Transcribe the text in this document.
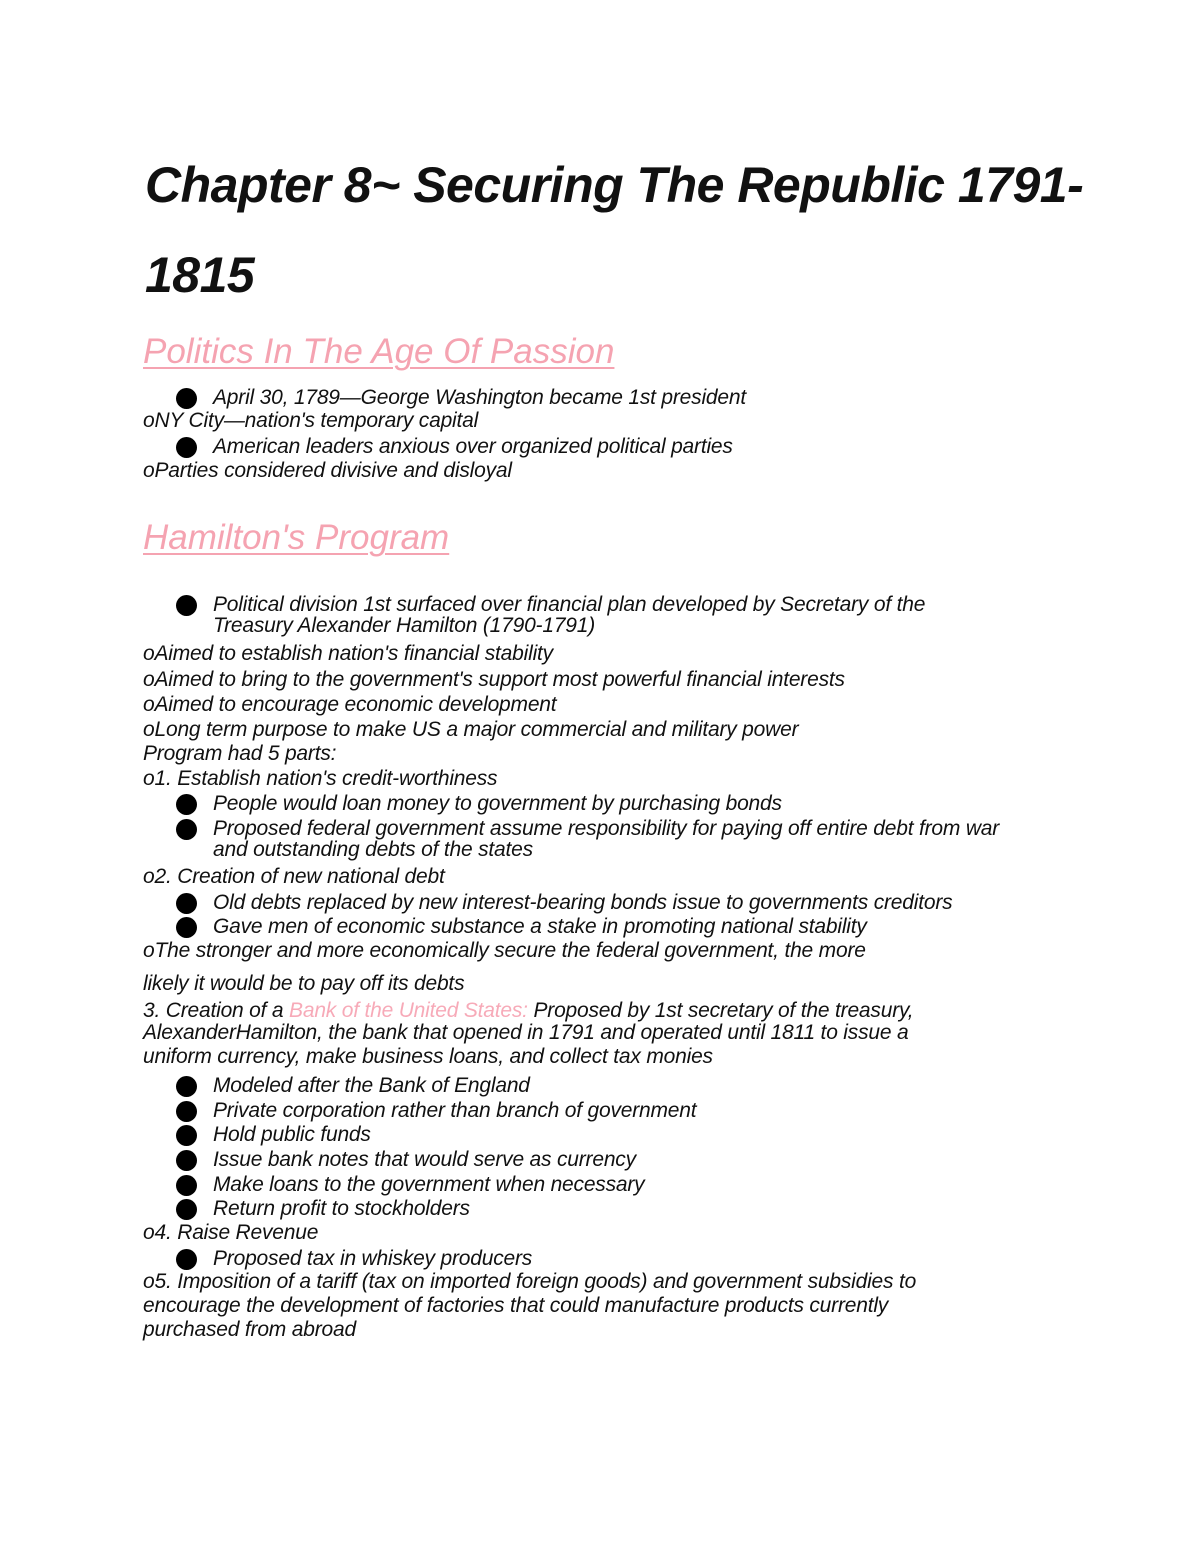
Chapter 8~ Securing The Republic 1791-
1815
Politics In The Age Of Passion
April 30, 1789—George Washington became 1st president
oNY City—nation's temporary capital
American leaders anxious over organized political parties
oParties considered divisive and disloyal
Hamilton's Program
Political division 1st surfaced over financial plan developed by Secretary of the Treasury Alexander Hamilton (1790-1791)
oAimed to establish nation's financial stability
oAimed to bring to the government's support most powerful financial interests
oAimed to encourage economic development
oLong term purpose to make US a major commercial and military power
Program had 5 parts:
o1. Establish nation's credit-worthiness
People would loan money to government by purchasing bonds
Proposed federal government assume responsibility for paying off entire debt from war and outstanding debts of the states
o2. Creation of new national debt
Old debts replaced by new interest-bearing bonds issue to governments creditors
Gave men of economic substance a stake in promoting national stability
oThe stronger and more economically secure the federal government, the more
likely it would be to pay off its debts
3. Creation of a Bank of the United States: Proposed by 1st secretary of the treasury,
AlexanderHamilton, the bank that opened in 1791 and operated until 1811 to issue a
uniform currency, make business loans, and collect tax monies
Modeled after the Bank of England
Private corporation rather than branch of government
Hold public funds
Issue bank notes that would serve as currency
Make loans to the government when necessary
Return profit to stockholders
o4. Raise Revenue
Proposed tax in whiskey producers
o5. Imposition of a tariff (tax on imported foreign goods) and government subsidies to
encourage the development of factories that could manufacture products currently
purchased from abroad
